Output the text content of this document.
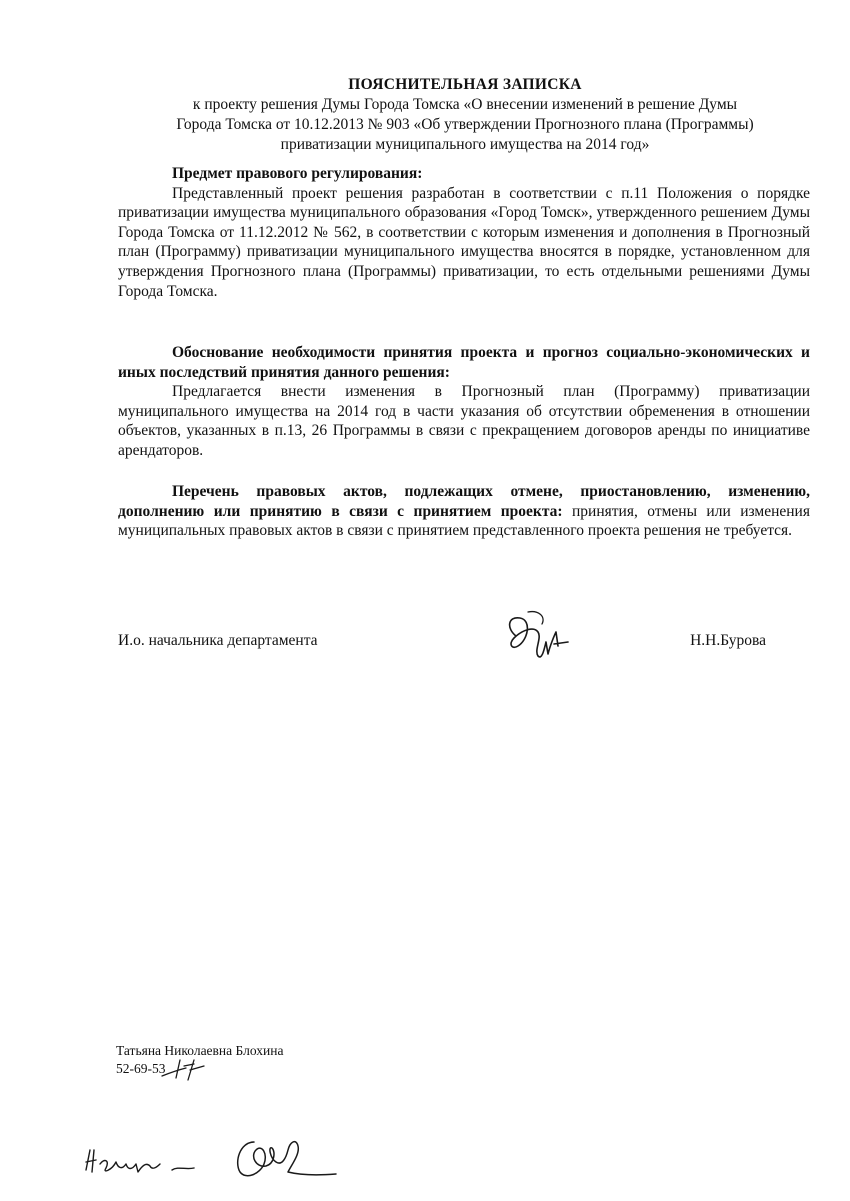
ПОЯСНИТЕЛЬНАЯ ЗАПИСКА
к проекту решения Думы Города Томска «О внесении изменений в решение Думы
Города Томска от 10.12.2013 № 903 «Об утверждении Прогнозного плана (Программы)
приватизации муниципального имущества на 2014 год»

Предмет правового регулирования:

Представленный проект решения разработан в соответствии с п.11 Положения о порядке приватизации имущества муниципального образования «Город Томск», утвержденного решением Думы Города Томска от 11.12.2012 № 562, в соответствии с которым изменения и дополнения в Прогнозный план (Программу) приватизации муниципального имущества вносятся в порядке, установленном для утверждения Прогнозного плана (Программы) приватизации, то есть отдельными решениями Думы Города Томска.

Обоснование необходимости принятия проекта и прогноз социально-экономических и иных последствий принятия данного решения:

Предлагается внести изменения в Прогнозный план (Программу) приватизации муниципального имущества на 2014 год в части указания об отсутствии обременения в отношении объектов, указанных в п.13, 26 Программы в связи с прекращением договоров аренды по инициативе арендаторов.

Перечень правовых актов, подлежащих отмене, приостановлению, изменению, дополнению или принятию в связи с принятием проекта: принятия, отмены или изменения муниципальных правовых актов в связи с принятием представленного проекта решения не требуется.

И.о. начальника департамента	Н.Н.Бурова
Татьяна Николаевна Блохина
52-69-53
